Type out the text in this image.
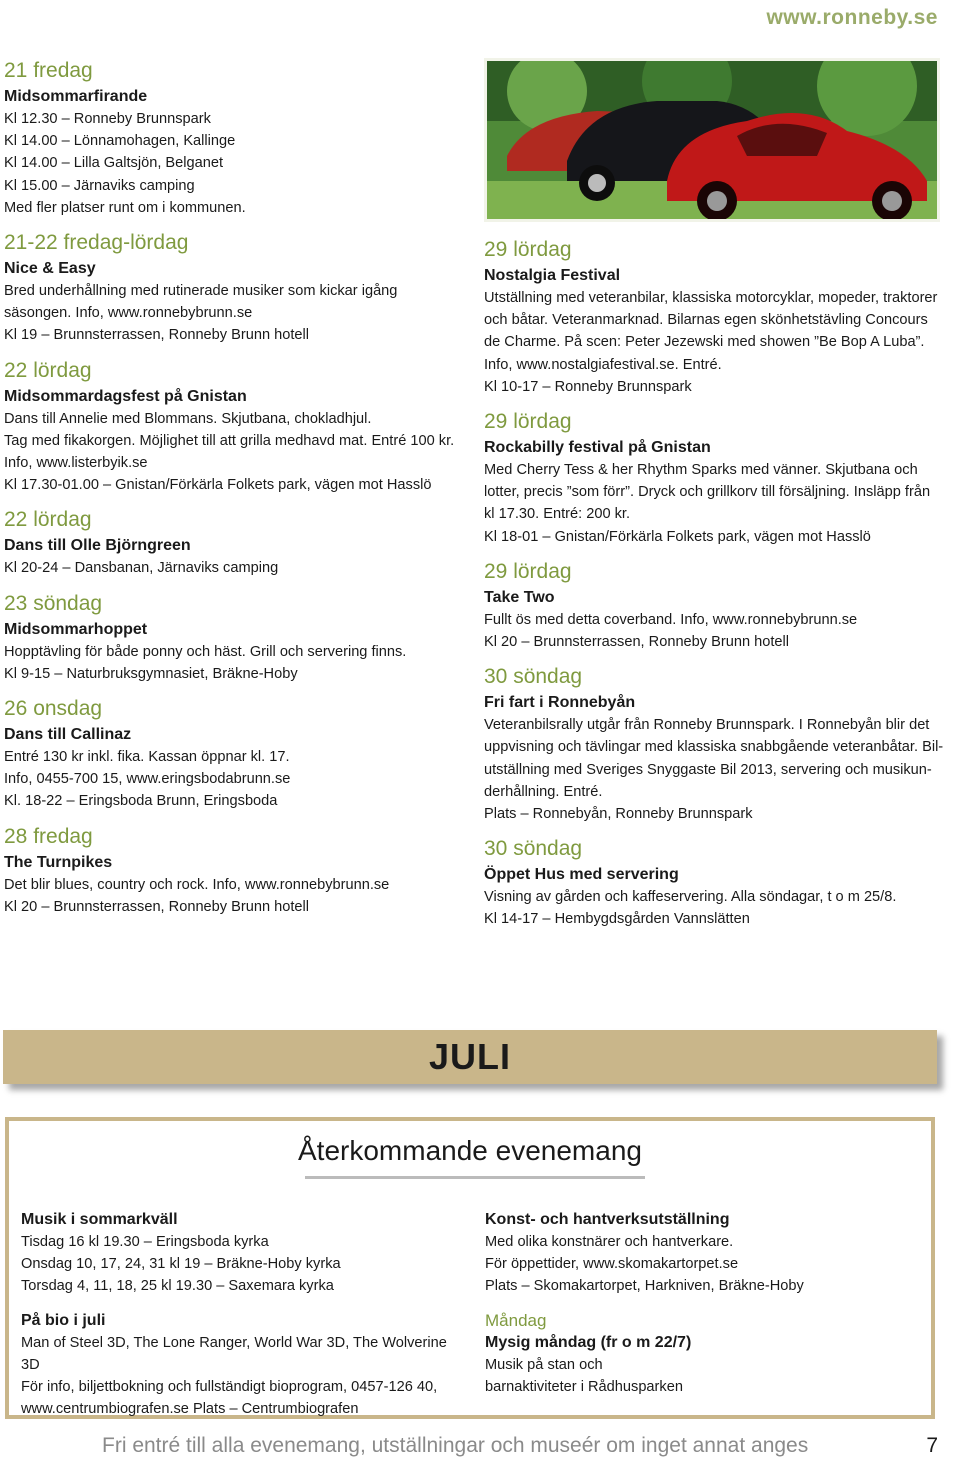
www.ronneby.se
21 fredag
Midsommarfirande
Kl 12.30 – Ronneby Brunnspark
Kl 14.00 – Lönnamohagen, Kallinge
Kl 14.00 – Lilla Galtsjön, Belganet
Kl 15.00 – Järnaviks camping
Med fler platser runt om i kommunen.
21-22 fredag-lördag
Nice & Easy
Bred underhållning med rutinerade musiker som kickar igång
säsongen. Info, www.ronnebybrunn.se
Kl 19 – Brunnsterrassen, Ronneby Brunn hotell
22 lördag
Midsommardagsfest på Gnistan
Dans till Annelie med Blommans. Skjutbana, chokladhjul.
Tag med fikakorgen. Möjlighet till att grilla medhavd mat. Entré 100 kr.
Info, www.listerbyik.se
Kl 17.30-01.00 – Gnistan/Förkärla Folkets park, vägen mot Hasslö
22 lördag
Dans till Olle Björngreen
Kl 20-24 – Dansbanan, Järnaviks camping
23 söndag
Midsommarhoppet
Hopptävling för både ponny och häst. Grill och servering finns.
Kl 9-15 – Naturbruksgymnasiet, Bräkne-Hoby
26 onsdag
Dans till Callinaz
Entré 130 kr inkl. fika. Kassan öppnar kl. 17.
Info, 0455-700 15, www.eringsbodabrunn.se
Kl. 18-22 – Eringsboda Brunn, Eringsboda
28 fredag
The Turnpikes
Det blir blues, country och rock. Info, www.ronnebybrunn.se
Kl 20 – Brunnsterrassen, Ronneby Brunn hotell
29 lördag
Nostalgia Festival
Utställning med veteranbilar, klassiska motorcyklar, mopeder, traktorer
och båtar. Veteranmarknad. Bilarnas egen skönhetstävling Concours
de Charme. På scen: Peter Jezewski med showen ”Be Bop A Luba”.
Info, www.nostalgiafestival.se. Entré.
Kl 10-17 – Ronneby Brunnspark
29 lördag
Rockabilly festival på Gnistan
Med Cherry Tess & her Rhythm Sparks med vänner. Skjutbana och
lotter, precis ”som förr”. Dryck och grillkorv till försäljning. Insläpp från
kl 17.30. Entré: 200 kr.
Kl 18-01 – Gnistan/Förkärla Folkets park, vägen mot Hasslö
29 lördag
Take Two
Fullt ös med detta coverband. Info, www.ronnebybrunn.se
Kl 20 – Brunnsterrassen, Ronneby Brunn hotell
30 söndag
Fri fart i Ronnebyån
Veteranbilsrally utgår från Ronneby Brunnspark. I Ronnebyån blir det
uppvisning och tävlingar med klassiska snabbgående veteranbåtar. Bil-
utställning med Sveriges Snyggaste Bil 2013, servering och musikun-
derhållning. Entré.
Plats – Ronnebyån, Ronneby Brunnspark
30 söndag
Öppet Hus med servering
Visning av gården och kaffeservering. Alla söndagar, t o m 25/8.
Kl 14-17 – Hembygdsgården Vannslätten
JULI
Återkommande evenemang
Musik i sommarkväll
Tisdag 16 kl 19.30 – Eringsboda kyrka
Onsdag 10, 17, 24, 31 kl 19 – Bräkne-Hoby kyrka
Torsdag 4, 11, 18, 25 kl 19.30 – Saxemara kyrka
På bio i juli
Man of Steel 3D, The Lone Ranger, World War 3D, The Wolverine 3D
För info, biljettbokning och fullständigt bioprogram, 0457-126 40,
www.centrumbiografen.se Plats – Centrumbiografen
Konst- och hantverksutställning
Med olika konstnärer och hantverkare.
För öppettider, www.skomakartorpet.se
Plats – Skomakartorpet, Harkniven, Bräkne-Hoby
Måndag
Mysig måndag (fr o m 22/7)
Musik på stan och
barnaktiviteter i Rådhusparken
Fri entré till alla evenemang, utställningar och museér om inget annat anges	7
